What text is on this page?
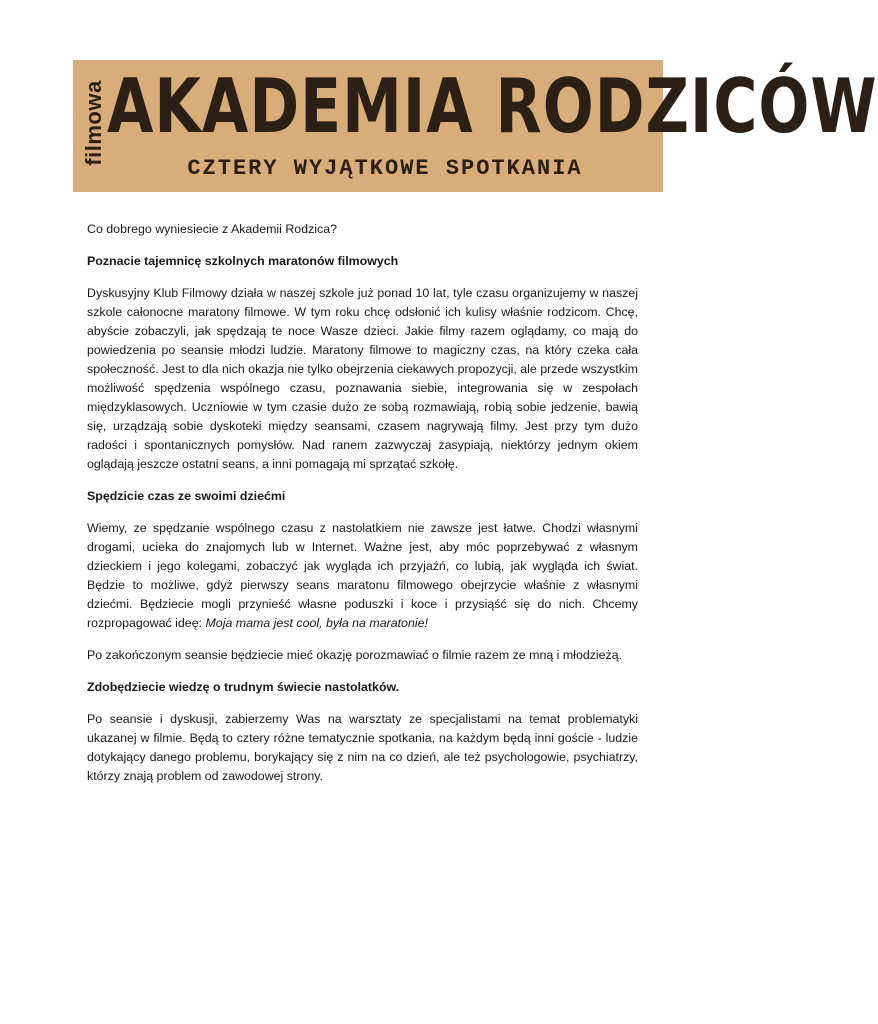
filmowa AKADEMIA RODZICÓW
CZTERY WYJĄTKOWE SPOTKANIA

Co dobrego wyniesiecie z Akademii Rodzica?

Poznacie tajemnicę szkolnych maratonów filmowych

Dyskusyjny Klub Filmowy działa w naszej szkole już ponad 10 lat, tyle czasu organizujemy w naszej szkole całonocne maratony filmowe. W tym roku chcę odsłonić ich kulisy właśnie rodzicom. Chcę, abyście zobaczyli, jak spędzają te noce Wasze dzieci. Jakie filmy razem oglądamy, co mają do powiedzenia po seansie młodzi ludzie. Maratony filmowe to magiczny czas, na który czeka cała społeczność. Jest to dla nich okazja nie tylko obejrzenia ciekawych propozycji, ale przede wszystkim możliwość spędzenia wspólnego czasu, poznawania siebie, integrowania się w zespołach międzyklasowych. Uczniowie w tym czasie dużo ze sobą rozmawiają, robią sobie jedzenie, bawią się, urządzają sobie dyskoteki między seansami, czasem nagrywają filmy. Jest przy tym dużo radości i spontanicznych pomysłów. Nad ranem zazwyczaj zasypiają, niektórzy jednym okiem oglądają jeszcze ostatni seans, a inni pomagają mi sprzątać szkołę.

Spędzicie czas ze swoimi dziećmi

Wiemy, ze spędzanie wspólnego czasu z nastolatkiem nie zawsze jest łatwe. Chodzi własnymi drogami, ucieka do znajomych lub w Internet. Ważne jest, aby móc poprzebywać z własnym dzieckiem i jego kolegami, zobaczyć jak wygląda ich przyjaźń, co lubią, jak wygląda ich świat. Będzie to możliwe, gdyż pierwszy seans maratonu filmowego obejrzycie właśnie z własnymi dziećmi. Będziecie mogli przynieść własne poduszki i koce i przysiąść się do nich. Chcemy rozpropagować ideę: Moja mama jest cool, była na maratonie!

Po zakończonym seansie będziecie mieć okazję porozmawiać o filmie razem ze mną i młodzieżą.

Zdobędziecie wiedzę o trudnym świecie nastolatków.

Po seansie i dyskusji, zabierzemy Was na warsztaty ze specjalistami na temat problematyki ukazanej w filmie. Będą to cztery różne tematycznie spotkania, na każdym będą inni goście - ludzie dotykający danego problemu, borykający się z nim na co dzień, ale też psychologowie, psychiatrzy, którzy znają problem od zawodowej strony.
